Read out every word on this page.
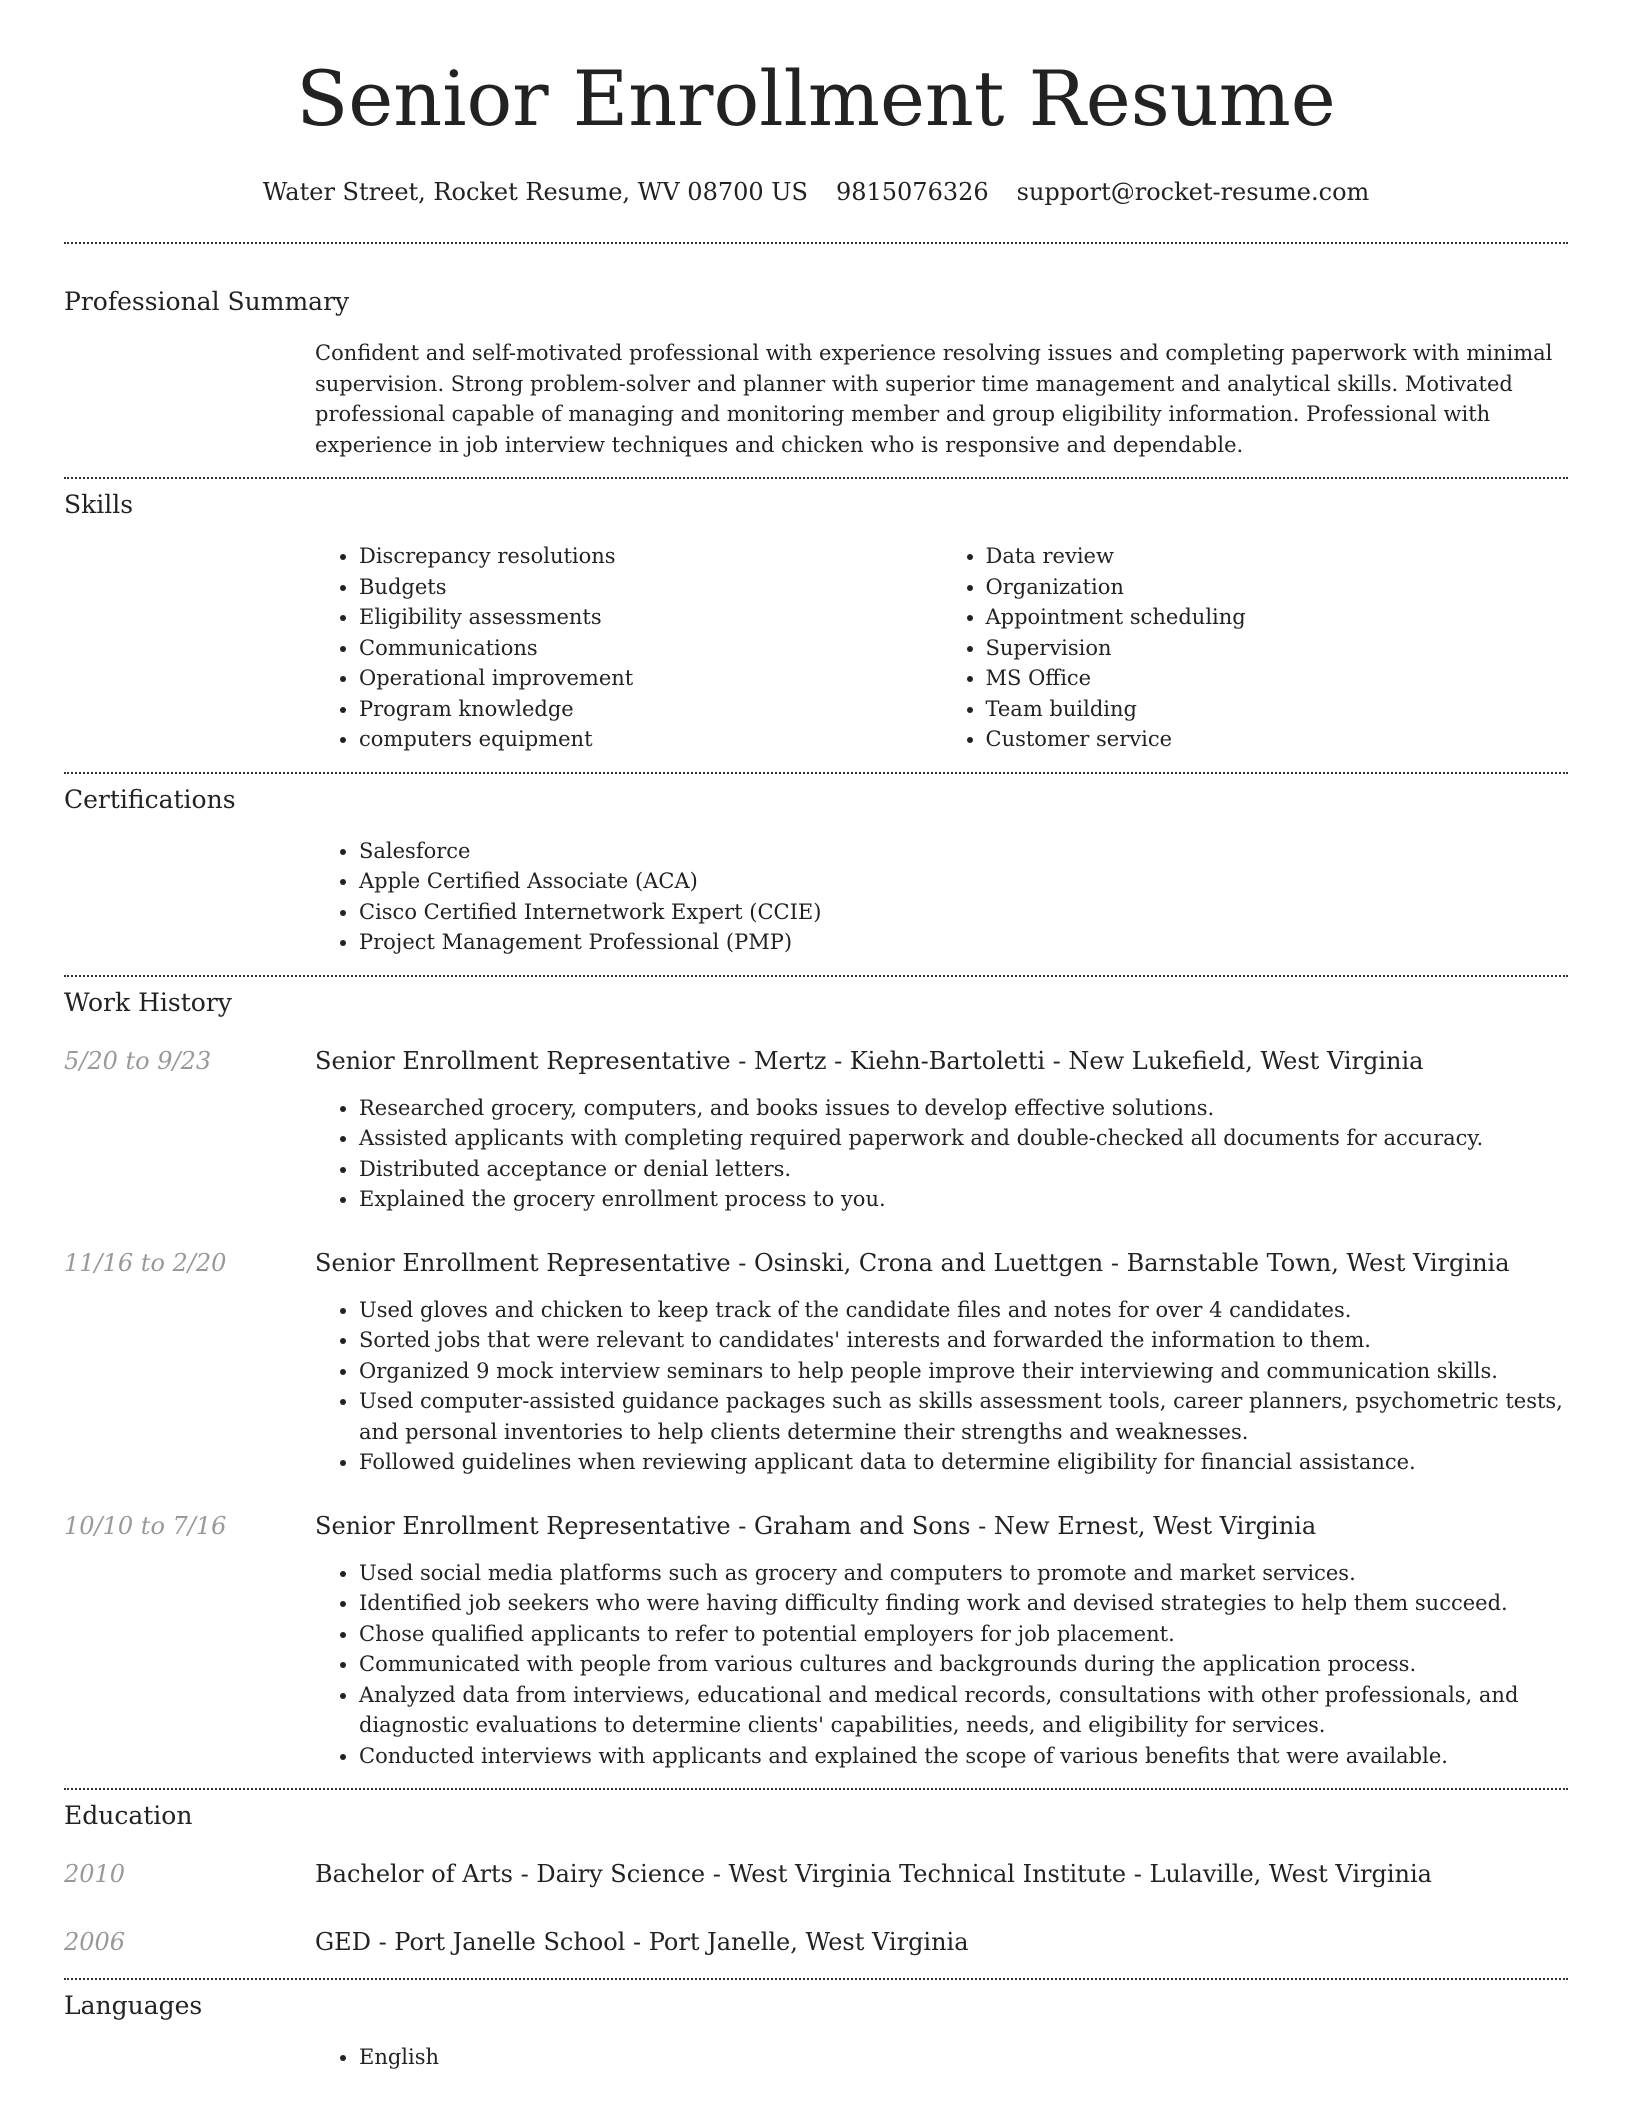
Senior Enrollment Resume
Water Street, Rocket Resume, WV 08700 US 9815076326 support@rocket-resume.com
Professional Summary
Confident and self-motivated professional with experience resolving issues and completing paperwork with minimal supervision. Strong problem-solver and planner with superior time management and analytical skills. Motivated professional capable of managing and monitoring member and group eligibility information. Professional with experience in job interview techniques and chicken who is responsive and dependable.
Skills
• Discrepancy resolutions
• Budgets
• Eligibility assessments
• Communications
• Operational improvement
• Program knowledge
• computers equipment
• Data review
• Organization
• Appointment scheduling
• Supervision
• MS Office
• Team building
• Customer service
Certifications
• Salesforce
• Apple Certified Associate (ACA)
• Cisco Certified Internetwork Expert (CCIE)
• Project Management Professional (PMP)
Work History
5/20 to 9/23	Senior Enrollment Representative - Mertz - Kiehn-Bartoletti - New Lukefield, West Virginia
• Researched grocery, computers, and books issues to develop effective solutions.
• Assisted applicants with completing required paperwork and double-checked all documents for accuracy.
• Distributed acceptance or denial letters.
• Explained the grocery enrollment process to you.
11/16 to 2/20	Senior Enrollment Representative - Osinski, Crona and Luettgen - Barnstable Town, West Virginia
• Used gloves and chicken to keep track of the candidate files and notes for over 4 candidates.
• Sorted jobs that were relevant to candidates' interests and forwarded the information to them.
• Organized 9 mock interview seminars to help people improve their interviewing and communication skills.
• Used computer-assisted guidance packages such as skills assessment tools, career planners, psychometric tests, and personal inventories to help clients determine their strengths and weaknesses.
• Followed guidelines when reviewing applicant data to determine eligibility for financial assistance.
10/10 to 7/16	Senior Enrollment Representative - Graham and Sons - New Ernest, West Virginia
• Used social media platforms such as grocery and computers to promote and market services.
• Identified job seekers who were having difficulty finding work and devised strategies to help them succeed.
• Chose qualified applicants to refer to potential employers for job placement.
• Communicated with people from various cultures and backgrounds during the application process.
• Analyzed data from interviews, educational and medical records, consultations with other professionals, and diagnostic evaluations to determine clients' capabilities, needs, and eligibility for services.
• Conducted interviews with applicants and explained the scope of various benefits that were available.
Education
2010	Bachelor of Arts - Dairy Science - West Virginia Technical Institute - Lulaville, West Virginia
2006	GED - Port Janelle School - Port Janelle, West Virginia
Languages
• English
